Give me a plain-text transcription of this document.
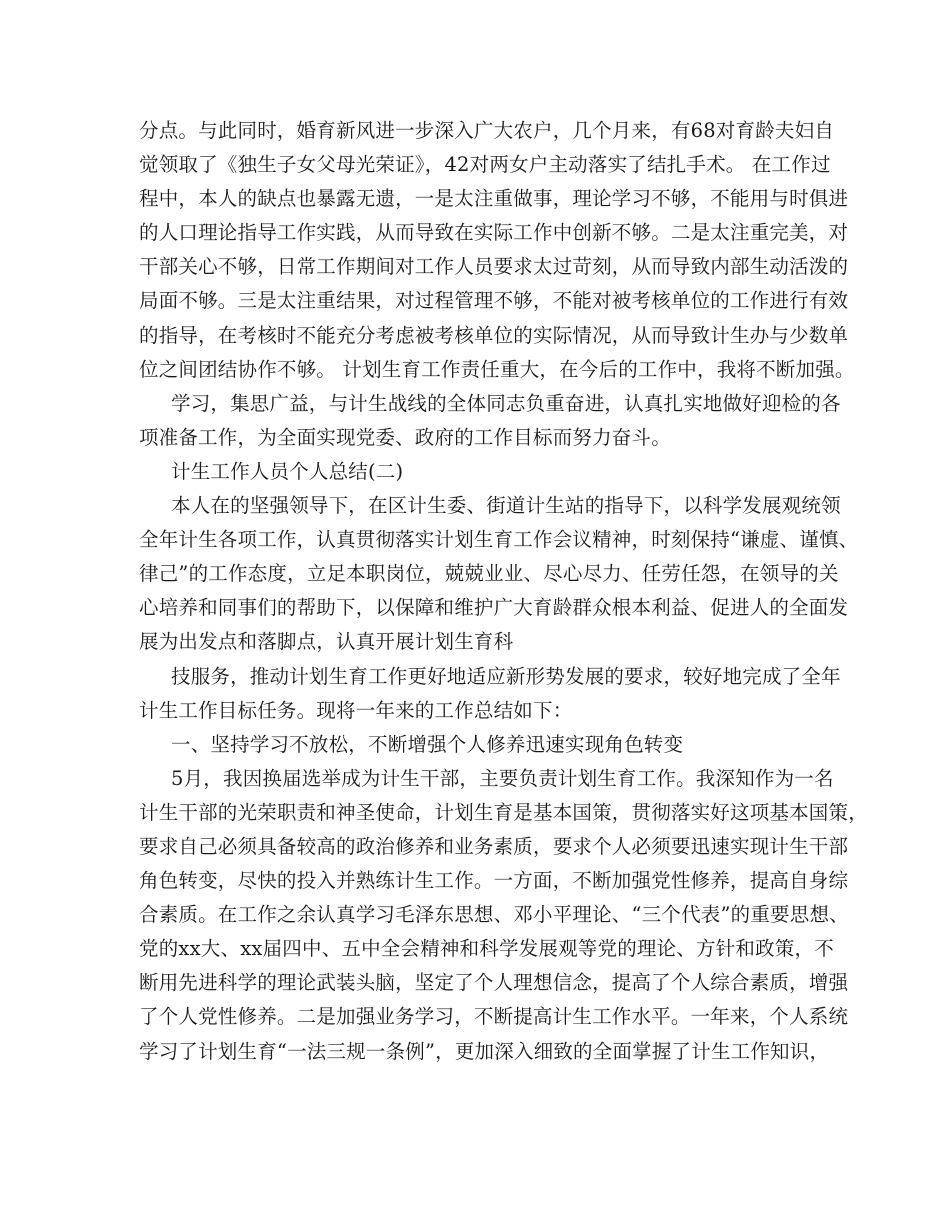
分点。与此同时，婚育新风进一步深入广大农户，几个月来，有68对育龄夫妇自
觉领取了《独生子女父母光荣证》，42对两女户主动落实了结扎手术。 在工作过
程中，本人的缺点也暴露无遗，一是太注重做事，理论学习不够，不能用与时俱进
的人口理论指导工作实践，从而导致在实际工作中创新不够。二是太注重完美，对
干部关心不够，日常工作期间对工作人员要求太过苛刻，从而导致内部生动活泼的
局面不够。三是太注重结果，对过程管理不够，不能对被考核单位的工作进行有效
的指导，在考核时不能充分考虑被考核单位的实际情况，从而导致计生办与少数单
位之间团结协作不够。 计划生育工作责任重大，在今后的工作中，我将不断加强。
学习，集思广益，与计生战线的全体同志负重奋进，认真扎实地做好迎检的各
项准备工作，为全面实现党委、政府的工作目标而努力奋斗。
计生工作人员个人总结(二)
本人在的坚强领导下，在区计生委、街道计生站的指导下，以科学发展观统领
全年计生各项工作，认真贯彻落实计划生育工作会议精神，时刻保持“谦虚、谨慎、
律己”的工作态度，立足本职岗位，兢兢业业、尽心尽力、任劳任怨，在领导的关
心培养和同事们的帮助下，以保障和维护广大育龄群众根本利益、促进人的全面发
展为出发点和落脚点，认真开展计划生育科
技服务，推动计划生育工作更好地适应新形势发展的要求，较好地完成了全年
计生工作目标任务。现将一年来的工作总结如下：
一、坚持学习不放松，不断增强个人修养迅速实现角色转变
5月，我因换届选举成为计生干部，主要负责计划生育工作。我深知作为一名
计生干部的光荣职责和神圣使命，计划生育是基本国策，贯彻落实好这项基本国策，
要求自己必须具备较高的政治修养和业务素质，要求个人必须要迅速实现计生干部
角色转变，尽快的投入并熟练计生工作。一方面，不断加强党性修养，提高自身综
合素质。在工作之余认真学习毛泽东思想、邓小平理论、“三个代表”的重要思想、
党的xx大、xx届四中、五中全会精神和科学发展观等党的理论、方针和政策，不
断用先进科学的理论武装头脑，坚定了个人理想信念，提高了个人综合素质，增强
了个人党性修养。二是加强业务学习，不断提高计生工作水平。一年来，个人系统
学习了计划生育“一法三规一条例”，更加深入细致的全面掌握了计生工作知识，
